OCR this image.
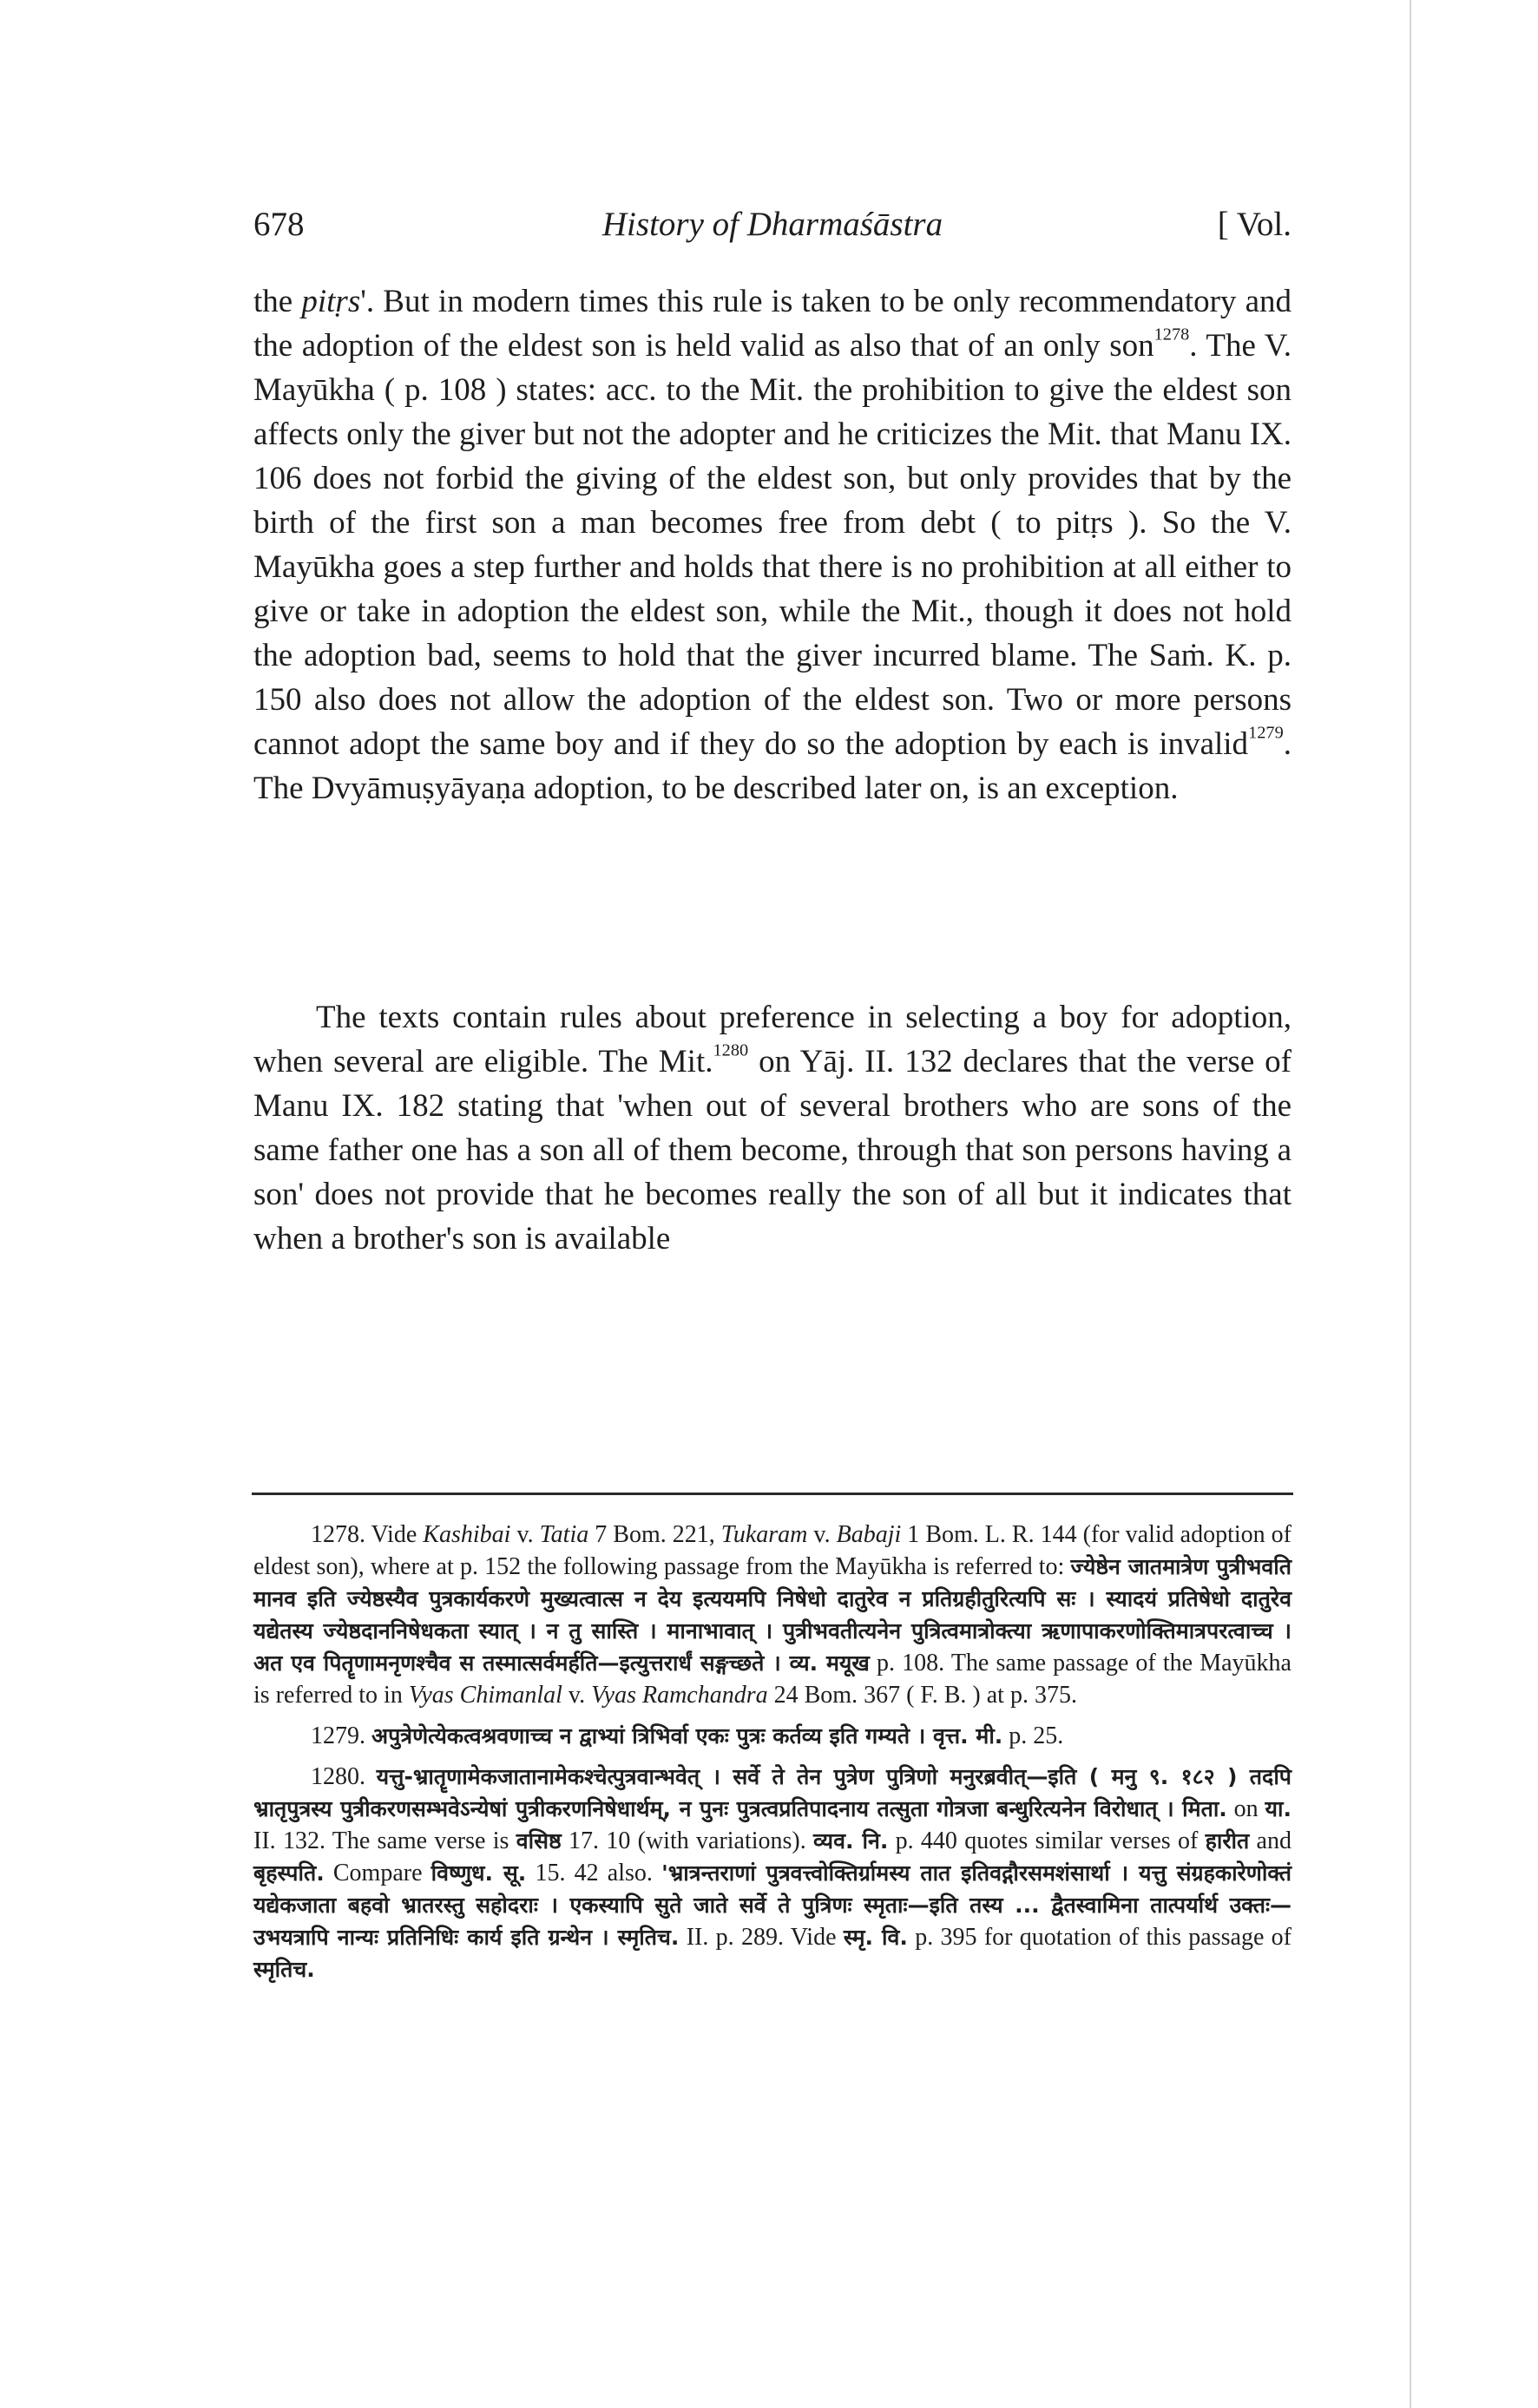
678	History of Dharmaśāstra	[ Vol.
the pitṛs'. But in modern times this rule is taken to be only recommendatory and the adoption of the eldest son is held valid as also that of an only son$^{1278}$. The V. Mayūkha ( p. 108 ) states: acc. to the Mit. the prohibition to give the eldest son affects only the giver but not the adopter and he criticizes the Mit. that Manu IX. 106 does not forbid the giving of the eldest son, but only provides that by the birth of the first son a man becomes free from debt ( to pitṛs ). So the V. Mayūkha goes a step further and holds that there is no prohibition at all either to give or take in adoption the eldest son, while the Mit., though it does not hold the adoption bad, seems to hold that the giver incurred blame. The Saṁ. K. p. 150 also does not allow the adoption of the eldest son. Two or more persons cannot adopt the same boy and if they do so the adoption by each is invalid$^{1279}$. The Dvyāmuṣyāyaṇa adoption, to be described later on, is an exception.
The texts contain rules about preference in selecting a boy for adoption, when several are eligible. The Mit.$^{1280}$ on Yāj. II. 132 declares that the verse of Manu IX. 182 stating that 'when out of several brothers who are sons of the same father one has a son all of them become, through that son persons having a son' does not provide that he becomes really the son of all but it indicates that when a brother's son is available

1278. Vide Kashibai v. Tatia 7 Bom. 221, Tukaram v. Babaji 1 Bom. L. R. 144 (for valid adoption of eldest son), where at p. 152 the following passage from the Mayūkha is referred to: ज्येष्ठेन जातमात्रेण पुत्रीभवति मानव इति ज्येष्ठस्यैव पुत्रकार्यकरणे मुख्यत्वात्स न देय इत्ययमपि निषेधो दातुरेव न प्रतिग्रहीतुरित्यपि सः । स्यादयं प्रतिषेधो दातुरेव यद्येतस्य ज्येष्ठदाननिषेधकता स्यात् । न तु सास्ति । मानाभावात् । पुत्रीभवतीत्यनेन पुत्रित्वमात्रोक्त्या ऋणापाकरणोक्तिमात्रपरत्वाच्च । अत एव पितॄणामनृणश्चैव स तस्मात्सर्वमर्हति—इत्युत्तरार्धं सङ्गच्छते । व्य. मयूख p. 108. The same passage of the Mayūkha is referred to in Vyas Chimanlal v. Vyas Ramchandra 24 Bom. 367 ( F. B. ) at p. 375.

1279. अपुत्रेणेत्येकत्वश्रवणाच्च न द्वाभ्यां त्रिभिर्वा एकः पुत्रः कर्तव्य इति गम्यते । वृत्त. मी. p. 25.

1280. यत्तु-भ्रातॄणामेकजातानामेकश्चेत्पुत्रवान्भवेत् । सर्वे ते तेन पुत्रेण पुत्रिणो मनुरब्रवीत्—इति ( मनु ९. १८२ ) तदपि भ्रातृपुत्रस्य पुत्रीकरणसम्भवेऽन्येषां पुत्रीकरणनिषेधार्थम्, न पुनः पुत्रत्वप्रतिपादनाय तत्सुता गोत्रजा बन्धुरित्यनेन विरोधात् । मिता. on या. II. 132. The same verse is वसिष्ठ 17. 10 (with variations). व्यव. नि. p. 440 quotes similar verses of हारीत and बृहस्पति. Compare विष्णुध. सू. 15. 42 also. 'भ्रात्रन्तराणां पुत्रवत्त्वोक्तिर्ग्रामस्य तात इतिवद्गौरसमशंसार्था । यत्तु संग्रहकारेणोक्तं यद्येकजाता बहवो भ्रातरस्तु सहोदराः । एकस्यापि सुते जाते सर्वे ते पुत्रिणः स्मृताः—इति तस्य ... द्वैतस्वामिना तात्पर्यार्थ उक्तः—उभयत्रापि नान्यः प्रतिनिधिः कार्य इति ग्रन्थेन । स्मृतिच. II. p. 289. Vide स्मृ. वि. p. 395 for quotation of this passage of स्मृतिच.
